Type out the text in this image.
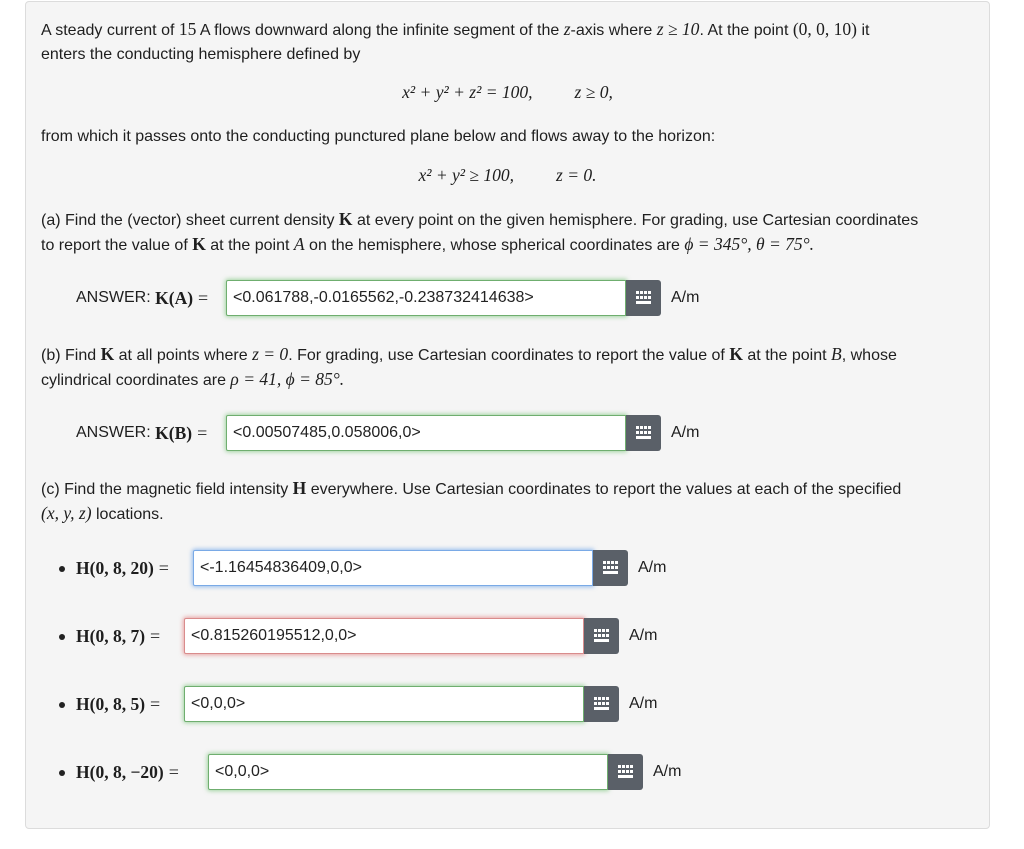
A steady current of 15 A flows downward along the infinite segment of the z-axis where z ≥ 10. At the point (0, 0, 10) it
enters the conducting hemisphere defined by
x² + y² + z² = 100, z ≥ 0,
from which it passes onto the conducting punctured plane below and flows away to the horizon:
x² + y² ≥ 100, z = 0.
(a) Find the (vector) sheet current density K at every point on the given hemisphere. For grading, use Cartesian coordinates
to report the value of K at the point A on the hemisphere, whose spherical coordinates are ϕ = 345°, θ = 75°.
ANSWER:
K(A) =
<0.061788,-0.0165562,-0.238732414638>	A/m
(b) Find K at all points where z = 0. For grading, use Cartesian coordinates to report the value of K at the point B, whose
cylindrical coordinates are ρ = 41, ϕ = 85°.
ANSWER:
K(B) =
<0.00507485,0.058006,0>	A/m
(c) Find the magnetic field intensity H everywhere. Use Cartesian coordinates to report the values at each of the specified
(x, y, z) locations.
H(0, 8, 20) =
<-1.16454836409,0,0>	A/m
H(0, 8, 7) =
<0.815260195512,0,0>	A/m
H(0, 8, 5) =
<0,0,0>	A/m
H(0, 8, −20) =
<0,0,0>	A/m
